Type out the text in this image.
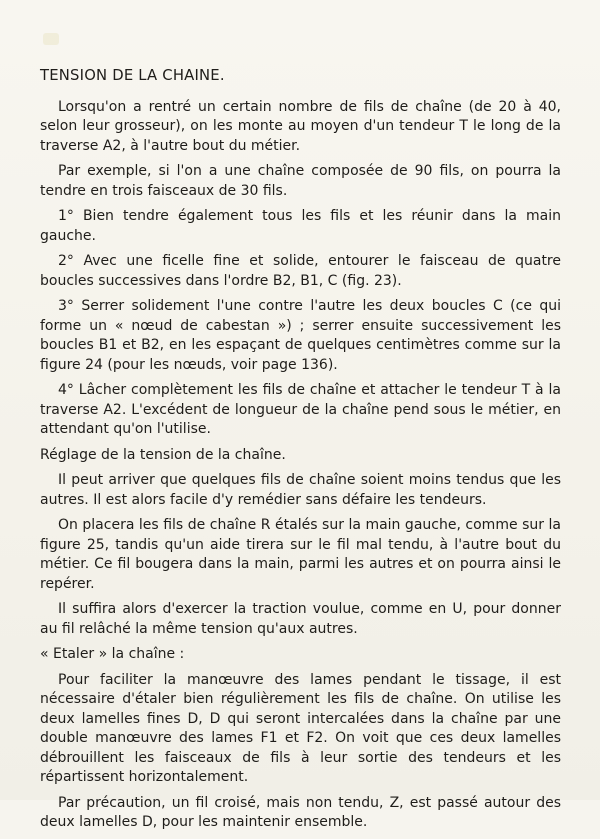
TENSION DE LA CHAINE.

Lorsqu'on a rentré un certain nombre de fils de chaîne (de 20 à 40, selon leur grosseur), on les monte au moyen d'un tendeur T le long de la traverse A2, à l'autre bout du métier.

Par exemple, si l'on a une chaîne composée de 90 fils, on pourra la tendre en trois faisceaux de 30 fils.

1° Bien tendre également tous les fils et les réunir dans la main gauche.

2° Avec une ficelle fine et solide, entourer le faisceau de quatre boucles successives dans l'ordre B2, B1, C (fig. 23).

3° Serrer solidement l'une contre l'autre les deux boucles C (ce qui forme un « nœud de cabestan ») ; serrer ensuite successivement les boucles B1 et B2, en les espaçant de quelques centimètres comme sur la figure 24 (pour les nœuds, voir page 136).

4° Lâcher complètement les fils de chaîne et attacher le tendeur T à la traverse A2. L'excédent de longueur de la chaîne pend sous le métier, en attendant qu'on l'utilise.

Réglage de la tension de la chaîne.

Il peut arriver que quelques fils de chaîne soient moins tendus que les autres. Il est alors facile d'y remédier sans défaire les tendeurs.

On placera les fils de chaîne R étalés sur la main gauche, comme sur la figure 25, tandis qu'un aide tirera sur le fil mal tendu, à l'autre bout du métier. Ce fil bougera dans la main, parmi les autres et on pourra ainsi le repérer.

Il suffira alors d'exercer la traction voulue, comme en U, pour donner au fil relâché la même tension qu'aux autres.

« Etaler » la chaîne :

Pour faciliter la manœuvre des lames pendant le tissage, il est nécessaire d'étaler bien régulièrement les fils de chaîne. On utilise les deux lamelles fines D, D qui seront intercalées dans la chaîne par une double manœuvre des lames F1 et F2. On voit que ces deux lamelles débrouillent les faisceaux de fils à leur sortie des tendeurs et les répartissent horizontalement.

Par précaution, un fil croisé, mais non tendu, Z, est passé autour des deux lamelles D, pour les maintenir ensemble.
